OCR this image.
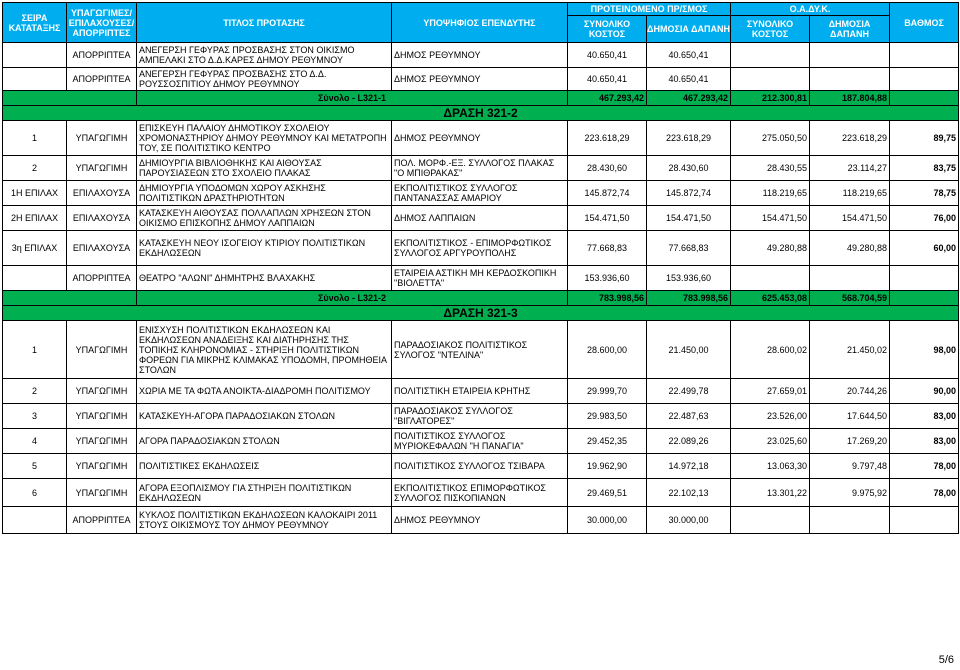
ΣΕΙΡΑ ΚΑΤΑΤΑΞΗΣ	ΥΠΑΓΩΓΙΜΕΣ/ ΕΠΙΛΑΧΟΥΣΕΣ/ ΑΠΟΡΡΙΠΤΕΣ	ΤΙΤΛΟΣ ΠΡΟΤΑΣΗΣ	ΥΠΟΨΗΦΙΟΣ ΕΠΕΝΔΥΤΗΣ	ΠΡΟΤΕΙΝΟΜΕΝΟ ΠΡ/ΣΜΟΣ		Ο.Α.ΔΥ.Κ.		ΒΑΘΜΟΣ
				ΣΥΝΟΛΙΚΟ ΚΟΣΤΟΣ	ΔΗΜΟΣΙΑ ΔΑΠΑΝΗ	ΣΥΝΟΛΙΚΟ ΚΟΣΤΟΣ	ΔΗΜΟΣΙΑ ΔΑΠΑΝΗ	
	ΑΠΟΡΡΙΠΤΕΑ	ΑΝΕΓΕΡΣΗ ΓΕΦΥΡΑΣ ΠΡΟΣΒΑΣΗΣ ΣΤΟΝ ΟΙΚΙΣΜΟ ΑΜΠΕΛΑΚΙ ΣΤΟ Δ.Δ.ΚΑΡΕΣ ΔΗΜΟΥ ΡΕΘΥΜΝΟΥ	ΔΗΜΟΣ ΡΕΘΥΜΝΟΥ	40.650,41	40.650,41			
	ΑΠΟΡΡΙΠΤΕΑ	ΑΝΕΓΕΡΣΗ ΓΕΦΥΡΑΣ ΠΡΟΣΒΑΣΗΣ ΣΤΟ Δ.Δ. ΡΟΥΣΣΟΣΠΙΤΙΟΥ ΔΗΜΟΥ ΡΕΘΥΜΝΟΥ	ΔΗΜΟΣ ΡΕΘΥΜΝΟΥ	40.650,41	40.650,41			
		Σύνολο - L321-1		467.293,42	467.293,42	212.300,81	187.804,88	
ΔΡΑΣΗ 321-2								
1	ΥΠΑΓΩΓΙΜΗ	ΕΠΙΣΚΕΥΗ ΠΑΛΑΙΟΥ ΔΗΜΟΤΙΚΟΥ ΣΧΟΛΕΙΟΥ ΧΡΟΜΟΝΑΣΤΗΡΙΟΥ ΔΗΜΟΥ ΡΕΘΥΜΝΟΥ ΚΑΙ ΜΕΤΑΤΡΟΠΗ ΤΟΥ, ΣΕ ΠΟΛΙΤΙΣΤΙΚΟ ΚΕΝΤΡΟ	ΔΗΜΟΣ ΡΕΘΥΜΝΟΥ	223.618,29	223.618,29	275.050,50	223.618,29	89,75
2	ΥΠΑΓΩΓΙΜΗ	ΔΗΜΙΟΥΡΓΙΑ ΒΙΒΛΙΟΘΗΚΗΣ ΚΑΙ ΑΙΘΟΥΣΑΣ ΠΑΡΟΥΣΙΑΣΕΩΝ ΣΤΟ ΣΧΟΛΕΙΟ ΠΛΑΚΑΣ	ΠΟΛ. ΜΟΡΦ.-ΕΞ. ΣΥΛΛΟΓΟΣ ΠΛΑΚΑΣ "Ο ΜΠΙΘΡΑΚΑΣ"	28.430,60	28.430,60	28.430,55	23.114,27	83,75
1Η ΕΠΙΛΑΧ	ΕΠΙΛΑΧΟΥΣΑ	ΔΗΜΙΟΥΡΓΙΑ ΥΠΟΔΟΜΩΝ ΧΩΡΟΥ ΑΣΚΗΣΗΣ ΠΟΛΙΤΙΣΤΙΚΩΝ ΔΡΑΣΤΗΡΙΟΤΗΤΩΝ	ΕΚΠΟΛΙΤΙΣΤΙΚΟΣ ΣΥΛΛΟΓΟΣ ΠΑΝΤΑΝΑΣΣΑΣ ΑΜΑΡΙΟΥ	145.872,74	145.872,74	118.219,65	118.219,65	78,75
2Η ΕΠΙΛΑΧ	ΕΠΙΛΑΧΟΥΣΑ	ΚΑΤΑΣΚΕΥΗ ΑΙΘΟΥΣΑΣ ΠΟΛΛΑΠΛΩΝ ΧΡΗΣΕΩΝ ΣΤΟΝ ΟΙΚΙΣΜΟ ΕΠΙΣΚΟΠΗΣ ΔΗΜΟΥ ΛΑΠΠΑΙΩΝ	ΔΗΜΟΣ ΛΑΠΠΑΙΩΝ	154.471,50	154.471,50	154.471,50	154.471,50	76,00
3η ΕΠΙΛΑΧ	ΕΠΙΛΑΧΟΥΣΑ	ΚΑΤΑΣΚΕΥΗ ΝΕΟΥ ΙΣΟΓΕΙΟΥ ΚΤΙΡΙΟΥ ΠΟΛΙΤΙΣΤΙΚΩΝ ΕΚΔΗΛΩΣΕΩΝ	ΕΚΠΟΛΙΤΙΣΤΙΚΟΣ - ΕΠΙΜΟΡΦΩΤΙΚΟΣ ΣΥΛΛΟΓΟΣ ΑΡΓΥΡΟΥΠΟΛΗΣ	77.668,83	77.668,83	49.280,88	49.280,88	60,00
	ΑΠΟΡΡΙΠΤΕΑ	ΘΕΑΤΡΟ "ΑΛΩΝΙ" ΔΗΜΗΤΡΗΣ ΒΛΑΧΑΚΗΣ	ΕΤΑΙΡΕΙΑ ΑΣΤΙΚΗ ΜΗ ΚΕΡΔΟΣΚΟΠΙΚΗ "ΒΙΟΛΕΤΤΑ"	153.936,60	153.936,60			
		Σύνολο - L321-2		783.998,56	783.998,56	625.453,08	568.704,59	
ΔΡΑΣΗ 321-3								
1	ΥΠΑΓΩΓΙΜΗ	ΕΝΙΣΧΥΣΗ ΠΟΛΙΤΙΣΤΙΚΩΝ ΕΚΔΗΛΩΣΕΩΝ ΚΑΙ ΕΚΔΗΛΩΣΕΩΝ ΑΝΑΔΕΙΞΗΣ ΚΑΙ ΔΙΑΤΗΡΗΣΗΣ ΤΗΣ ΤΟΠΙΚΗΣ ΚΛΗΡΟΝΟΜΙΑΣ - ΣΤΗΡΙΞΗ ΠΟΛΙΤΙΣΤΙΚΩΝ ΦΟΡΕΩΝ ΓΙΑ ΜΙΚΡΗΣ ΚΛΙΜΑΚΑΣ ΥΠΟΔΟΜΗ, ΠΡΟΜΗΘΕΙΑ ΣΤΟΛΩΝ	ΠΑΡΑΔΟΣΙΑΚΟΣ ΠΟΛΙΤΙΣΤΙΚΟΣ ΣΥΛΟΓΟΣ "ΝΤΕΛΙΝΑ"	28.600,00	21.450,00	28.600,02	21.450,02	98,00
2	ΥΠΑΓΩΓΙΜΗ	ΧΩΡΙΑ ΜΕ ΤΑ ΦΩΤΑ ΑΝΟΙΚΤΑ-ΔΙΑΔΡΟΜΗ ΠΟΛΙΤΙΣΜΟΥ	ΠΟΛΙΤΙΣΤΙΚΗ ΕΤΑΙΡΕΙΑ ΚΡΗΤΗΣ	29.999,70	22.499,78	27.659,01	20.744,26	90,00
3	ΥΠΑΓΩΓΙΜΗ	ΚΑΤΑΣΚΕΥΗ-ΑΓΟΡΑ ΠΑΡΑΔΟΣΙΑΚΩΝ ΣΤΟΛΩΝ	ΠΑΡΑΔΟΣΙΑΚΟΣ ΣΥΛΛΟΓΟΣ "ΒΙΓΛΑΤΟΡΕΣ"	29.983,50	22.487,63	23.526,00	17.644,50	83,00
4	ΥΠΑΓΩΓΙΜΗ	ΑΓΟΡΑ ΠΑΡΑΔΟΣΙΑΚΩΝ ΣΤΟΛΩΝ	ΠΟΛΙΤΙΣΤΙΚΟΣ ΣΥΛΛΟΓΟΣ ΜΥΡΙΟΚΕΦΑΛΩΝ "Η ΠΑΝΑΓΙΑ"	29.452,35	22.089,26	23.025,60	17.269,20	83,00
5	ΥΠΑΓΩΓΙΜΗ	ΠΟΛΙΤΙΣΤΙΚΕΣ ΕΚΔΗΛΩΣΕΙΣ	ΠΟΛΙΤΙΣΤΙΚΟΣ ΣΥΛΛΟΓΟΣ ΤΣΙΒΑΡΑ	19.962,90	14.972,18	13.063,30	9.797,48	78,00
6	ΥΠΑΓΩΓΙΜΗ	ΑΓΟΡΑ ΕΞΟΠΛΙΣΜΟΥ ΓΙΑ ΣΤΗΡΙΞΗ ΠΟΛΙΤΙΣΤΙΚΩΝ ΕΚΔΗΛΩΣΕΩΝ	ΕΚΠΟΛΙΤΙΣΤΙΚΟΣ ΕΠΙΜΟΡΦΩΤΙΚΟΣ ΣΥΛΛΟΓΟΣ ΠΙΣΚΟΠΙΑΝΩΝ	29.469,51	22.102,13	13.301,22	9.975,92	78,00
	ΑΠΟΡΡΙΠΤΕΑ	ΚΥΚΛΟΣ ΠΟΛΙΤΙΣΤΙΚΩΝ ΕΚΔΗΛΩΣΕΩΝ ΚΑΛΟΚΑΙΡΙ 2011 ΣΤΟΥΣ ΟΙΚΙΣΜΟΥΣ ΤΟΥ ΔΗΜΟΥ ΡΕΘΥΜΝΟΥ	ΔΗΜΟΣ ΡΕΘΥΜΝΟΥ	30.000,00	30.000,00			
5/6
